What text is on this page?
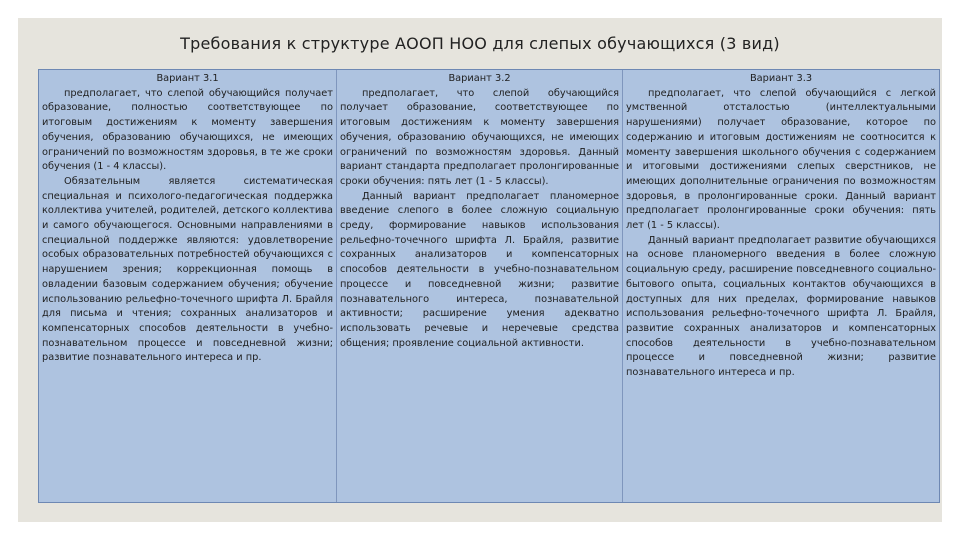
Требования к структуре АООП НОО для слепых обучающихся (3 вид)
Вариант 3.1

предполагает, что слепой обучающийся получает образование, полностью соответствующее по итоговым достижениям к моменту завершения обучения, образованию обучающихся, не имеющих ограничений по возможностям здоровья, в те же сроки обучения (1 - 4 классы).

Обязательным является систематическая специальная и психолого-педагогическая поддержка коллектива учителей, родителей, детского коллектива и самого обучающегося. Основными направлениями в специальной поддержке являются: удовлетворение особых образовательных потребностей обучающихся с нарушением зрения; коррекционная помощь в овладении базовым содержанием обучения; обучение использованию рельефно-точечного шрифта Л. Брайля для письма и чтения; сохранных анализаторов и компенсаторных способов деятельности в учебно-познавательном процессе и повседневной жизни; развитие познавательного интереса и пр.

Вариант 3.2

предполагает, что слепой обучающийся получает образование, соответствующее по итоговым достижениям к моменту завершения обучения, образованию обучающихся, не имеющих ограничений по возможностям здоровья. Данный вариант стандарта предполагает пролонгированные сроки обучения: пять лет (1 - 5 классы).

Данный вариант предполагает планомерное введение слепого в более сложную социальную среду, формирование навыков использования рельефно-точечного шрифта Л. Брайля, развитие сохранных анализаторов и компенсаторных способов деятельности в учебно-познавательном процессе и повседневной жизни; развитие познавательного интереса, познавательной активности; расширение умения адекватно использовать речевые и неречевые средства общения; проявление социальной активности.

Вариант 3.3

предполагает, что слепой обучающийся с легкой умственной отсталостью (интеллектуальными нарушениями) получает образование, которое по содержанию и итоговым достижениям не соотносится к моменту завершения школьного обучения с содержанием и итоговыми достижениями слепых сверстников, не имеющих дополнительные ограничения по возможностям здоровья, в пролонгированные сроки. Данный вариант предполагает пролонгированные сроки обучения: пять лет (1 - 5 классы).

Данный вариант предполагает развитие обучающихся на основе планомерного введения в более сложную социальную среду, расширение повседневного социально-бытового опыта, социальных контактов обучающихся в доступных для них пределах, формирование навыков использования рельефно-точечного шрифта Л. Брайля, развитие сохранных анализаторов и компенсаторных способов деятельности в учебно-познавательном процессе и повседневной жизни; развитие познавательного интереса и пр.
